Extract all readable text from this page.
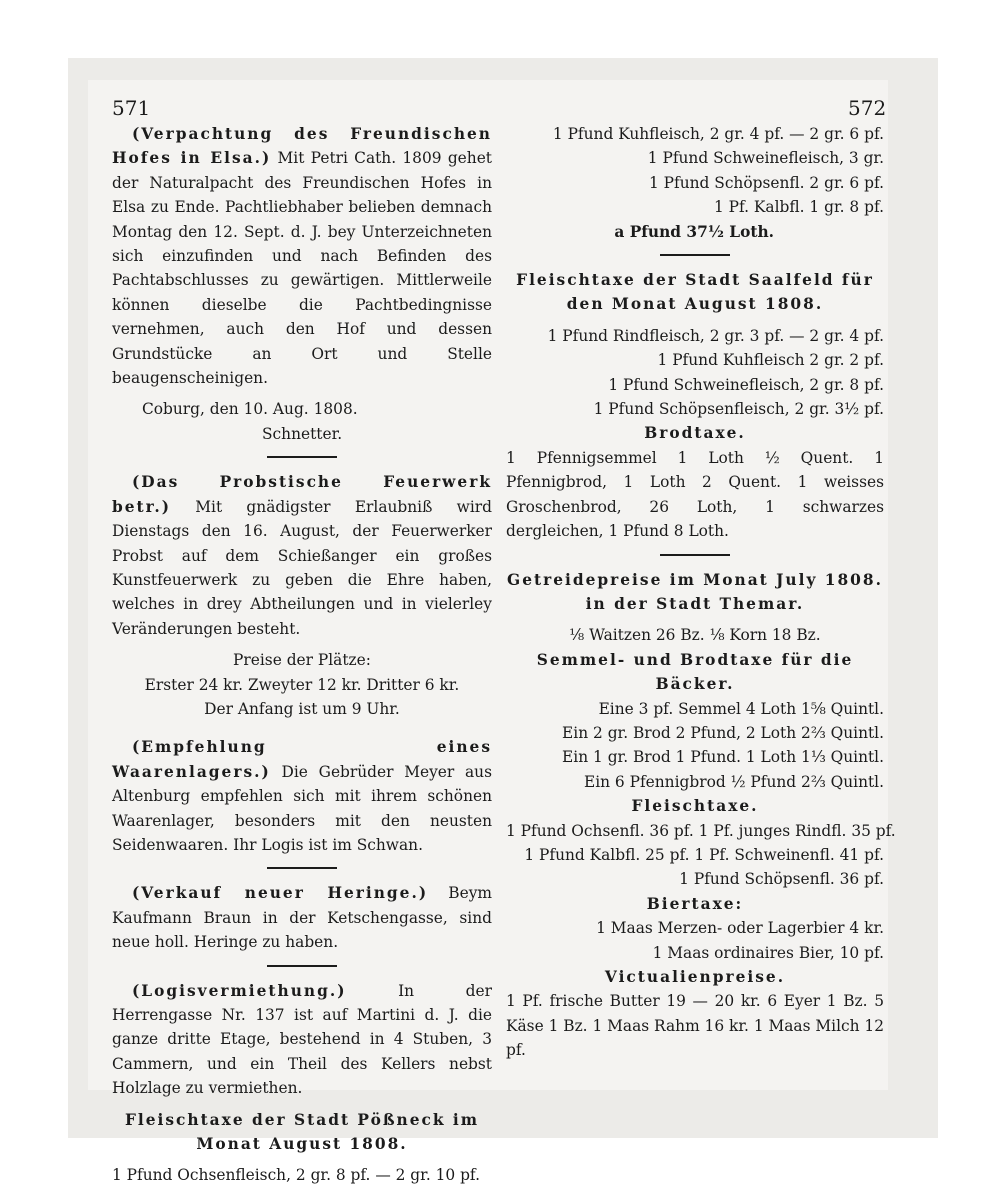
571	572
(Verpachtung des Freundischen Hofes in Elsa.) Mit Petri Cath. 1809 gehet der Naturalpacht des Freundischen Hofes in Elsa zu Ende. Pachtliebhaber belieben demnach Montag den 12. Sept. d. J. bey Unterzeichneten sich einzufinden und nach Befinden des Pachtabschlusses zu gewärtigen. Mittlerweile können dieselbe die Pachtbedingnisse vernehmen, auch den Hof und dessen Grundstücke an Ort und Stelle beaugenscheinigen.
Coburg, den 10. Aug. 1808.
Schnetter.
(Das Probstische Feuerwerk betr.) Mit gnädigster Erlaubniß wird Dienstags den 16. August, der Feuerwerker Probst auf dem Schießanger ein großes Kunstfeuerwerk zu geben die Ehre haben, welches in drey Abtheilungen und in vielerley Veränderungen besteht.
Preise der Plätze:
Erster 24 kr. Zweyter 12 kr. Dritter 6 kr.
Der Anfang ist um 9 Uhr.
(Empfehlung eines Waarenlagers.) Die Gebrüder Meyer aus Altenburg empfehlen sich mit ihrem schönen Waarenlager, besonders mit den neusten Seidenwaaren. Ihr Logis ist im Schwan.
(Verkauf neuer Heringe.) Beym Kaufmann Braun in der Ketschengasse, sind neue holl. Heringe zu haben.
(Logisvermiethung.)	In der Herrengasse Nr. 137 ist auf Martini d. J. die ganze dritte Etage, bestehend in 4 Stuben, 3 Cammern, und ein Theil des Kellers nebst Holzlage zu vermiethen.
Fleischtaxe der Stadt Pößneck im Monat August 1808.
1 Pfund Ochsenfleisch, 2 gr. 8 pf. — 2 gr. 10 pf.
1 Pfund Kuhfleisch, 2 gr. 4 pf. — 2 gr. 6 pf.
1 Pfund Schweinefleisch, 3 gr.
1 Pfund Schöpsenfl. 2 gr. 6 pf.
1 Pf. Kalbfl. 1 gr. 8 pf.
a Pfund 37½ Loth.
Fleischtaxe der Stadt Saalfeld für den Monat August 1808.
1 Pfund Rindfleisch, 2 gr. 3 pf. — 2 gr. 4 pf.
1 Pfund Kuhfleisch 2 gr. 2 pf.
1 Pfund Schweinefleisch, 2 gr. 8 pf.
1 Pfund Schöpsenfleisch, 2 gr. 3½ pf.
Brodtaxe.
1 Pfennigsemmel 1 Loth ½ Quent. 1 Pfennigbrod, 1 Loth 2 Quent. 1 weisses Groschenbrod, 26 Loth, 1 schwarzes dergleichen, 1 Pfund 8 Loth.
Getreidepreise im Monat July 1808. in der Stadt Themar.
⅛ Waitzen 26 Bz. ⅛ Korn 18 Bz.
Semmel- und Brodtaxe für die Bäcker.
Eine 3 pf. Semmel 4 Loth 1⅝ Quintl.
Ein 2 gr. Brod 2 Pfund, 2 Loth 2⅔ Quintl.
Ein 1 gr. Brod 1 Pfund. 1 Loth 1⅓ Quintl.
Ein 6 Pfennigbrod ½ Pfund 2⅔ Quintl.
Fleischtaxe.
1 Pfund Ochsenfl. 36 pf. 1 Pf. junges Rindfl. 35 pf.
1 Pfund Kalbfl. 25 pf. 1 Pf. Schweinenfl. 41 pf.
1 Pfund Schöpsenfl. 36 pf.
Biertaxe:
1 Maas Merzen- oder Lagerbier 4 kr.
1 Maas ordinaires Bier, 10 pf.
Victualienpreise.
1 Pf. frische Butter 19 — 20 kr. 6 Eyer 1 Bz. 5 Käse 1 Bz. 1 Maas Rahm 16 kr. 1 Maas Milch 12 pf.
